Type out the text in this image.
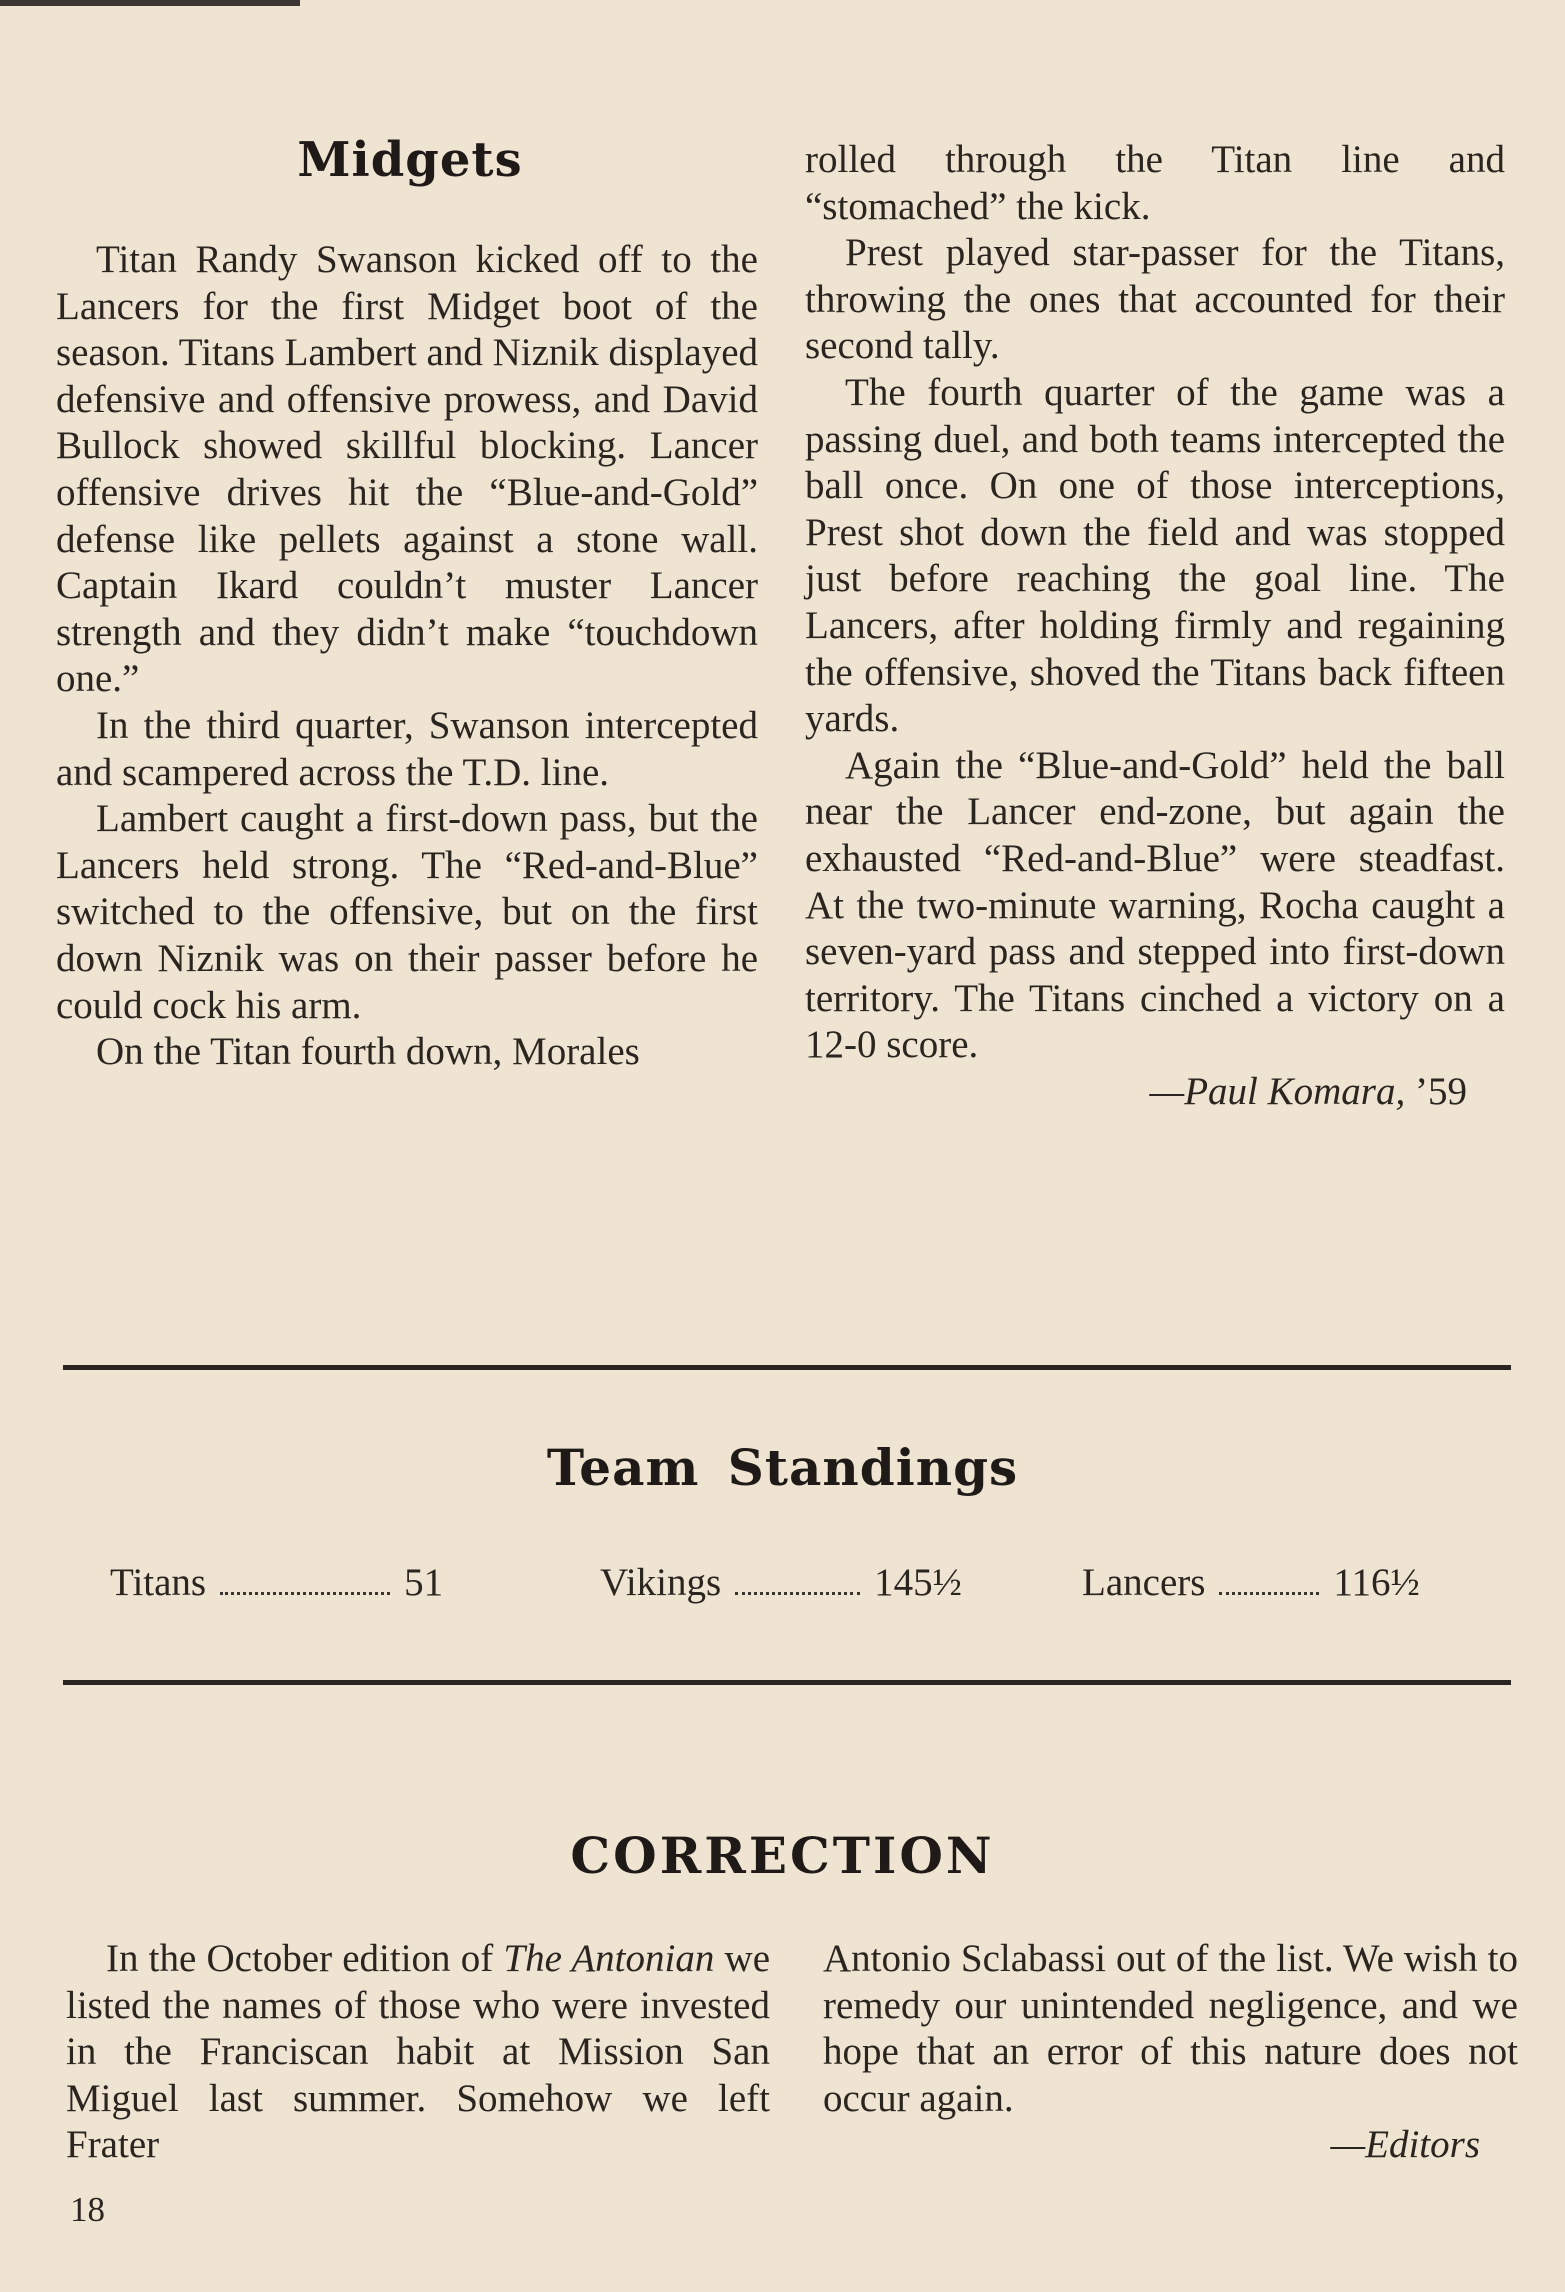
Midgets

Titan Randy Swanson kicked off to the Lancers for the first Midget boot of the season. Titans Lambert and Niznik displayed defensive and offensive prowess, and David Bullock showed skillful blocking. Lancer offensive drives hit the “Blue-and-Gold” defense like pellets against a stone wall. Captain Ikard couldn’t muster Lancer strength and they didn’t make “touchdown one.”

In the third quarter, Swanson intercepted and scampered across the T.D. line.

Lambert caught a first-down pass, but the Lancers held strong. The “Red-and-Blue” switched to the offensive, but on the first down Niznik was on their passer before he could cock his arm.

On the Titan fourth down, Morales

rolled through the Titan line and “stomached” the kick.

Prest played star-passer for the Titans, throwing the ones that accounted for their second tally.

The fourth quarter of the game was a passing duel, and both teams intercepted the ball once. On one of those interceptions, Prest shot down the field and was stopped just before reaching the goal line. The Lancers, after holding firmly and regaining the offensive, shoved the Titans back fifteen yards.

Again the “Blue-and-Gold” held the ball near the Lancer end-zone, but again the exhausted “Red-and-Blue” were steadfast. At the two-minute warning, Rocha caught a seven-yard pass and stepped into first-down territory. The Titans cinched a victory on a 12-0 score.

—Paul Komara, ’59

Team Standings
Titans	51	Vikings	145½	Lancers	116½
CORRECTION

In the October edition of The Antonian we listed the names of those who were invested in the Franciscan habit at Mission San Miguel last summer. Somehow we left Frater

Antonio Sclabassi out of the list. We wish to remedy our unintended negligence, and we hope that an error of this nature does not occur again.

—Editors

18
